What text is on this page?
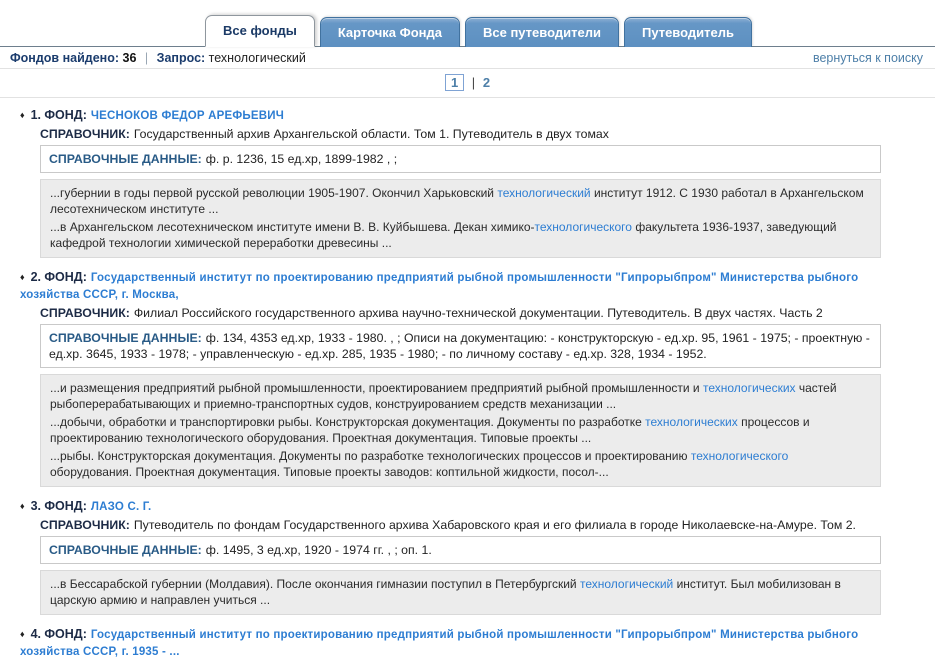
Все фонды	Карточка Фонда	Все путеводители	Путеводитель
Фондов найдено: 36 | Запрос: технологический	вернуться к поиску
1 | 2
♦ 1. ФОНД: ЧЕСНОКОВ ФЕДОР АРЕФЬЕВИЧ
СПРАВОЧНИК: Государственный архив Архангельской области. Том 1. Путеводитель в двух томах
СПРАВОЧНЫЕ ДАННЫЕ: ф. р. 1236, 15 ед.хр, 1899-1982 , ;

...губернии в годы первой русской революции 1905-1907. Окончил Харьковский технологический институт 1912. С 1930 работал в Архангельском лесотехническом институте ...

...в Архангельском лесотехническом институте имени В. В. Куйбышева. Декан химико-технологического факультета 1936-1937, заведующий кафедрой технологии химической переработки древесины ...

♦ 2. ФОНД: Государственный институт по проектированию предприятий рыбной промышленности "Гипрорыбпром" Министерства рыбного хозяйства СССР, г. Москва,
СПРАВОЧНИК: Филиал Российского государственного архива научно-технической документации. Путеводитель. В двух частях. Часть 2
СПРАВОЧНЫЕ ДАННЫЕ: ф. 134, 4353 ед.хр, 1933 - 1980. , ; Описи на документацию: - конструкторскую - ед.хр. 95, 1961 - 1975; - проектную - ед.хр. 3645, 1933 - 1978; - управленческую - ед.хр. 285, 1935 - 1980; - по личному составу - ед.хр. 328, 1934 - 1952.

...и размещения предприятий рыбной промышленности, проектированием предприятий рыбной промышленности и технологических частей рыбоперерабатывающих и приемно-транспортных судов, конструированием средств механизации ...

...добычи, обработки и транспортировки рыбы. Конструкторская документация. Документы по разработке технологических процессов и проектированию технологического оборудования. Проектная документация. Типовые проекты ...

...рыбы. Конструкторская документация. Документы по разработке технологических процессов и проектированию технологического оборудования. Проектная документация. Типовые проекты заводов: коптильной жидкости, посол-...

♦ 3. ФОНД: ЛАЗО С. Г.
СПРАВОЧНИК: Путеводитель по фондам Государственного архива Хабаровского края и его филиала в городе Николаевске-на-Амуре. Том 2.
СПРАВОЧНЫЕ ДАННЫЕ: ф. 1495, 3 ед.хр, 1920 - 1974 гг. , ; оп. 1.

...в Бессарабской губернии (Молдавия). После окончания гимназии поступил в Петербургский технологический институт. Был мобилизован в царскую армию и направлен учиться ...

♦ 4. ФОНД: Государственный институт по проектированию предприятий рыбной промышленности "Гипрорыбпром" Министерства рыбного хозяйства СССР, г. 1935 - ...
